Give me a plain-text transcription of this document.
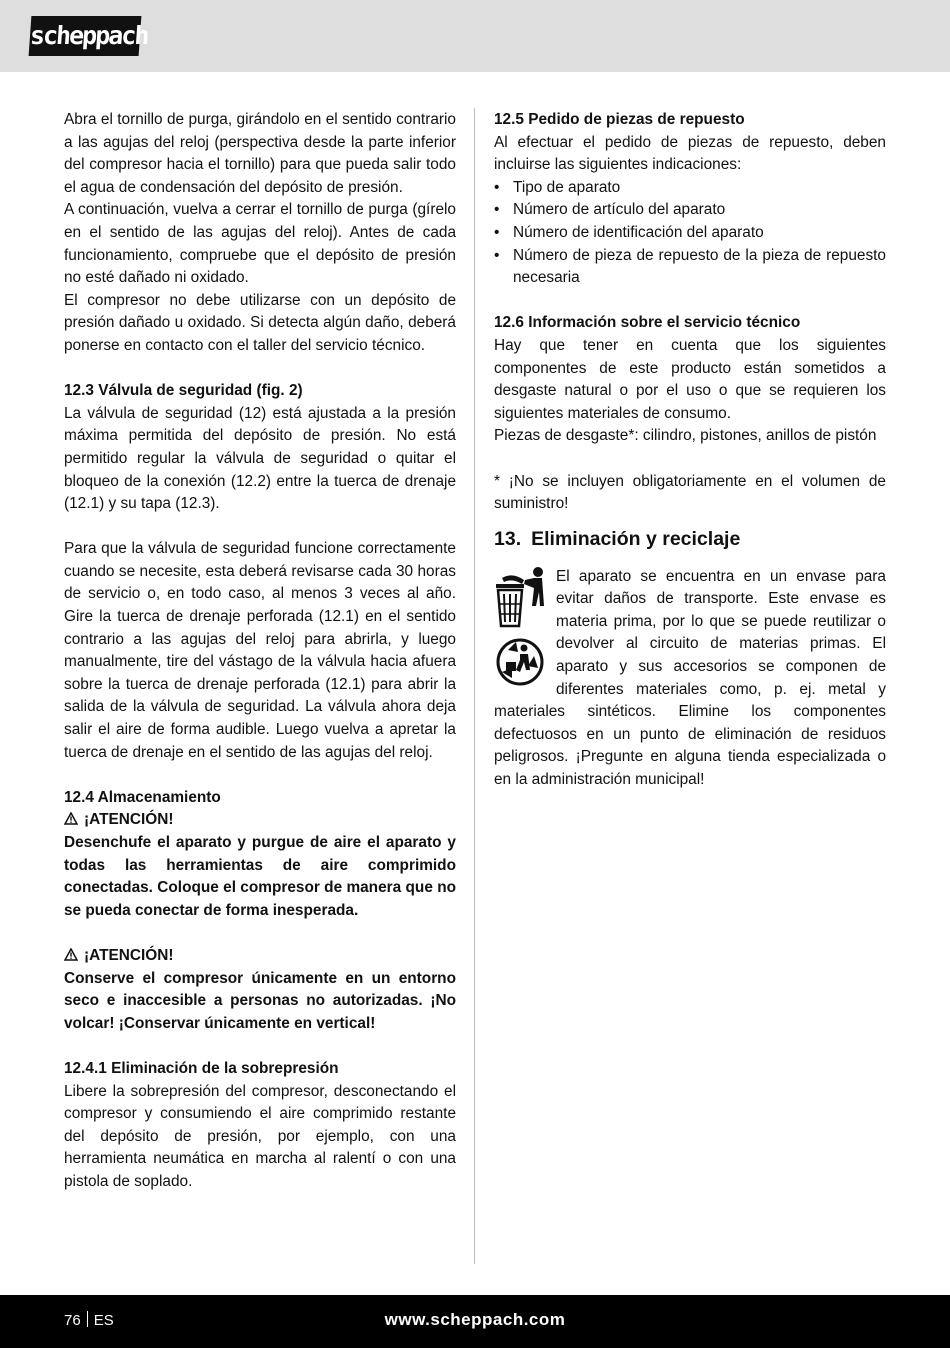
scheppach

Abra el tornillo de purga, girándolo en el sentido contrario a las agujas del reloj (perspectiva desde la parte inferior del compresor hacia el tornillo) para que pueda salir todo el agua de condensación del depósito de presión.

A continuación, vuelva a cerrar el tornillo de purga (gírelo en el sentido de las agujas del reloj). Antes de cada funcionamiento, compruebe que el depósito de presión no esté dañado ni oxidado.

El compresor no debe utilizarse con un depósito de presión dañado u oxidado. Si detecta algún daño, deberá ponerse en contacto con el taller del servicio técnico.

12.3 Válvula de seguridad (fig. 2)

La válvula de seguridad (12) está ajustada a la presión máxima permitida del depósito de presión. No está permitido regular la válvula de seguridad o quitar el bloqueo de la conexión (12.2) entre la tuerca de drenaje (12.1) y su tapa (12.3).

Para que la válvula de seguridad funcione correctamente cuando se necesite, esta deberá revisarse cada 30 horas de servicio o, en todo caso, al menos 3 veces al año. Gire la tuerca de drenaje perforada (12.1) en el sentido contrario a las agujas del reloj para abrirla, y luego manualmente, tire del vástago de la válvula hacia afuera sobre la tuerca de drenaje perforada (12.1) para abrir la salida de la válvula de seguridad. La válvula ahora deja salir el aire de forma audible. Luego vuelva a apretar la tuerca de drenaje en el sentido de las agujas del reloj.

12.4 Almacenamiento

¡ATENCIÓN!

Desenchufe el aparato y purgue de aire el aparato y todas las herramientas de aire comprimido conectadas. Coloque el compresor de manera que no se pueda conectar de forma inesperada.

¡ATENCIÓN!

Conserve el compresor únicamente en un entorno seco e inaccesible a personas no autorizadas. ¡No volcar! ¡Conservar únicamente en vertical!

12.4.1 Eliminación de la sobrepresión

Libere la sobrepresión del compresor, desconectando el compresor y consumiendo el aire comprimido restante del depósito de presión, por ejemplo, con una herramienta neumática en marcha al ralentí o con una pistola de soplado.

12.5 Pedido de piezas de repuesto

Al efectuar el pedido de piezas de repuesto, deben incluirse las siguientes indicaciones:

• Tipo de aparato
• Número de artículo del aparato
• Número de identificación del aparato
• Número de pieza de repuesto de la pieza de repuesto necesaria

12.6 Información sobre el servicio técnico

Hay que tener en cuenta que los siguientes componentes de este producto están sometidos a desgaste natural o por el uso o que se requieren los siguientes materiales de consumo.

Piezas de desgaste*: cilindro, pistones, anillos de pistón

* ¡No se incluyen obligatoriamente en el volumen de suministro!

13. Eliminación y reciclaje

El aparato se encuentra en un envase para evitar daños de transporte. Este envase es materia prima, por lo que se puede reutilizar o devolver al circuito de materias primas. El aparato y sus accesorios se componen de diferentes materiales como, p. ej. metal y materiales sintéticos. Elimine los componentes defectuosos en un punto de eliminación de residuos peligrosos. ¡Pregunte en alguna tienda especializada o en la administración municipal!

76 ES	www.scheppach.com
